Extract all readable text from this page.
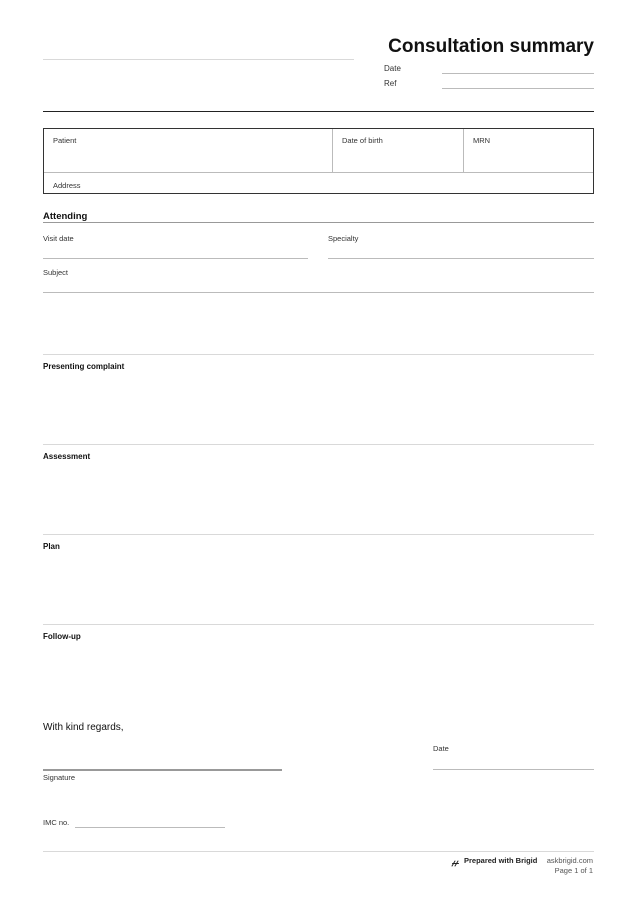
Consultation summary
Date
Ref
Patient	Date of birth	MRN
Address
Attending
Visit date	Specialty
Subject
Presenting complaint
Assessment
Plan
Follow-up
With kind regards,
Date
Signature
IMC no.
Prepared with Brigid askbrigid.com
Page 1 of 1
